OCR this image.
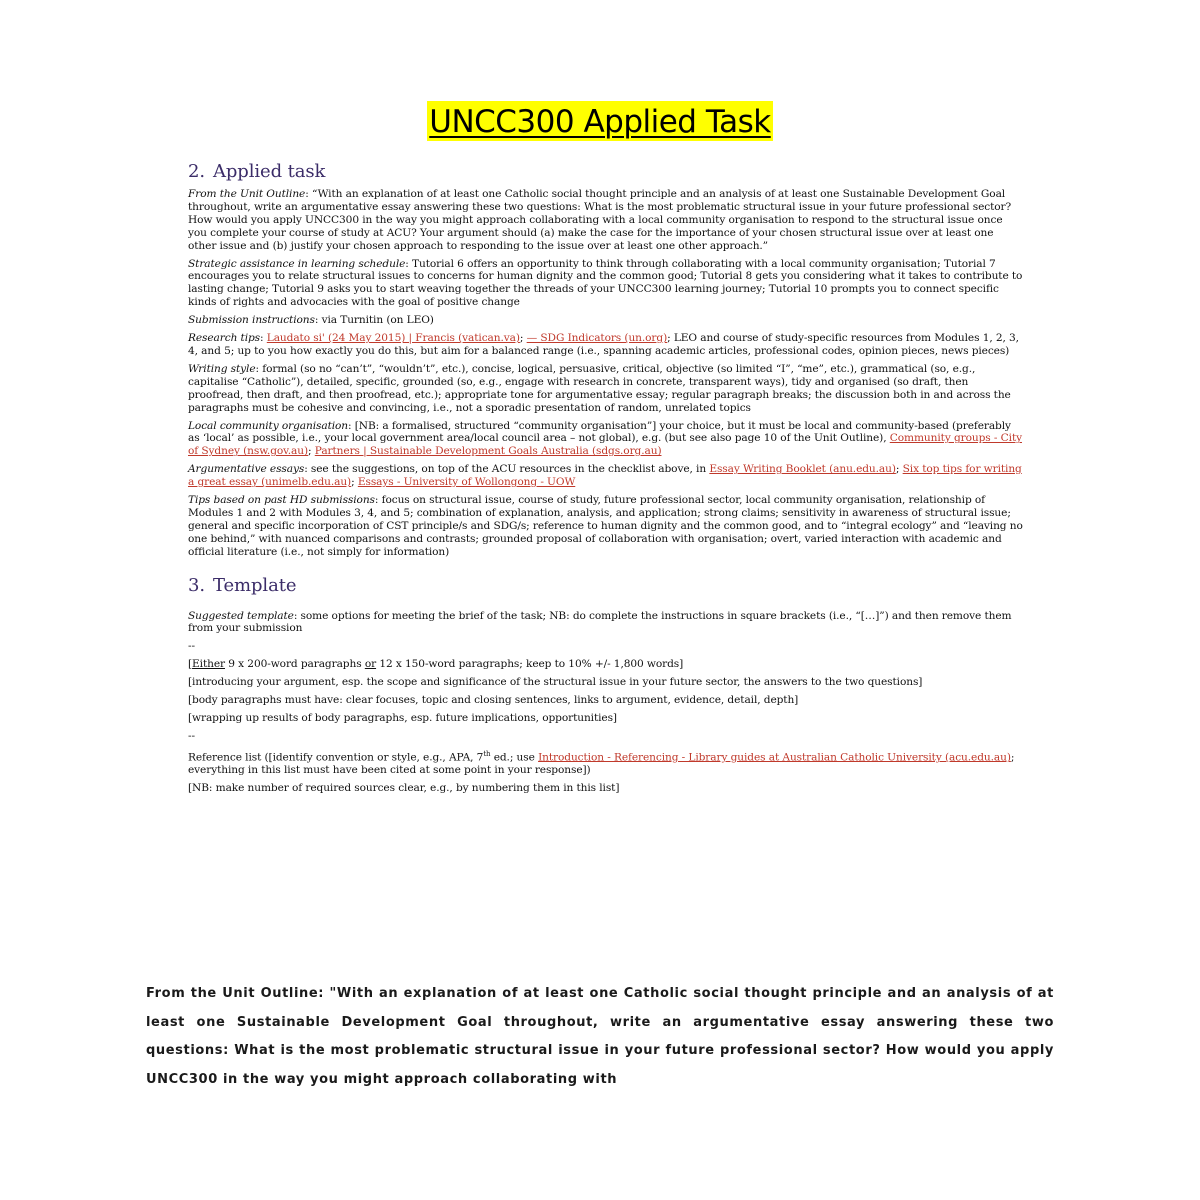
UNCC300 Applied Task
2. Applied task

From the Unit Outline: “With an explanation of at least one Catholic social thought principle and an analysis of at least one Sustainable Development Goal throughout, write an argumentative essay answering these two questions: What is the most problematic structural issue in your future professional sector? How would you apply UNCC300 in the way you might approach collaborating with a local community organisation to respond to the structural issue once you complete your course of study at ACU? Your argument should (a) make the case for the importance of your chosen structural issue over at least one other issue and (b) justify your chosen approach to responding to the issue over at least one other approach.”

Strategic assistance in learning schedule: Tutorial 6 offers an opportunity to think through collaborating with a local community organisation; Tutorial 7 encourages you to relate structural issues to concerns for human dignity and the common good; Tutorial 8 gets you considering what it takes to contribute to lasting change; Tutorial 9 asks you to start weaving together the threads of your UNCC300 learning journey; Tutorial 10 prompts you to connect specific kinds of rights and advocacies with the goal of positive change

Submission instructions: via Turnitin (on LEO)

Research tips: Laudato si' (24 May 2015) | Francis (vatican.va); — SDG Indicators (un.org); LEO and course of study-specific resources from Modules 1, 2, 3, 4, and 5; up to you how exactly you do this, but aim for a balanced range (i.e., spanning academic articles, professional codes, opinion pieces, news pieces)

Writing style: formal (so no “can’t”, “wouldn’t”, etc.), concise, logical, persuasive, critical, objective (so limited “I”, “me”, etc.), grammatical (so, e.g., capitalise “Catholic”), detailed, specific, grounded (so, e.g., engage with research in concrete, transparent ways), tidy and organised (so draft, then proofread, then draft, and then proofread, etc.); appropriate tone for argumentative essay; regular paragraph breaks; the discussion both in and across the paragraphs must be cohesive and convincing, i.e., not a sporadic presentation of random, unrelated topics

Local community organisation: [NB: a formalised, structured “community organisation”] your choice, but it must be local and community-based (preferably as ‘local’ as possible, i.e., your local government area/local council area – not global), e.g. (but see also page 10 of the Unit Outline), Community groups - City of Sydney (nsw.gov.au); Partners | Sustainable Development Goals Australia (sdgs.org.au)

Argumentative essays: see the suggestions, on top of the ACU resources in the checklist above, in Essay Writing Booklet (anu.edu.au); Six top tips for writing a great essay (unimelb.edu.au); Essays - University of Wollongong - UOW

Tips based on past HD submissions: focus on structural issue, course of study, future professional sector, local community organisation, relationship of Modules 1 and 2 with Modules 3, 4, and 5; combination of explanation, analysis, and application; strong claims; sensitivity in awareness of structural issue; general and specific incorporation of CST principle/s and SDG/s; reference to human dignity and the common good, and to “integral ecology” and “leaving no one behind,” with nuanced comparisons and contrasts; grounded proposal of collaboration with organisation; overt, varied interaction with academic and official literature (i.e., not simply for information)

3. Template

Suggested template: some options for meeting the brief of the task; NB: do complete the instructions in square brackets (i.e., “[…]”) and then remove them from your submission

--

[Either 9 x 200-word paragraphs or 12 x 150-word paragraphs; keep to 10% +/- 1,800 words]

[introducing your argument, esp. the scope and significance of the structural issue in your future sector, the answers to the two questions]

[body paragraphs must have: clear focuses, topic and closing sentences, links to argument, evidence, detail, depth]

[wrapping up results of body paragraphs, esp. future implications, opportunities]

--

Reference list ([identify convention or style, e.g., APA, 7th ed.; use Introduction - Referencing - Library guides at Australian Catholic University (acu.edu.au); everything in this list must have been cited at some point in your response])

[NB: make number of required sources clear, e.g., by numbering them in this list]

From the Unit Outline: "With an explanation of at least one Catholic social thought principle and an analysis of at least one Sustainable Development Goal throughout, write an argumentative essay answering these two questions: What is the most problematic structural issue in your future professional sector? How would you apply UNCC300 in the way you might approach collaborating with
